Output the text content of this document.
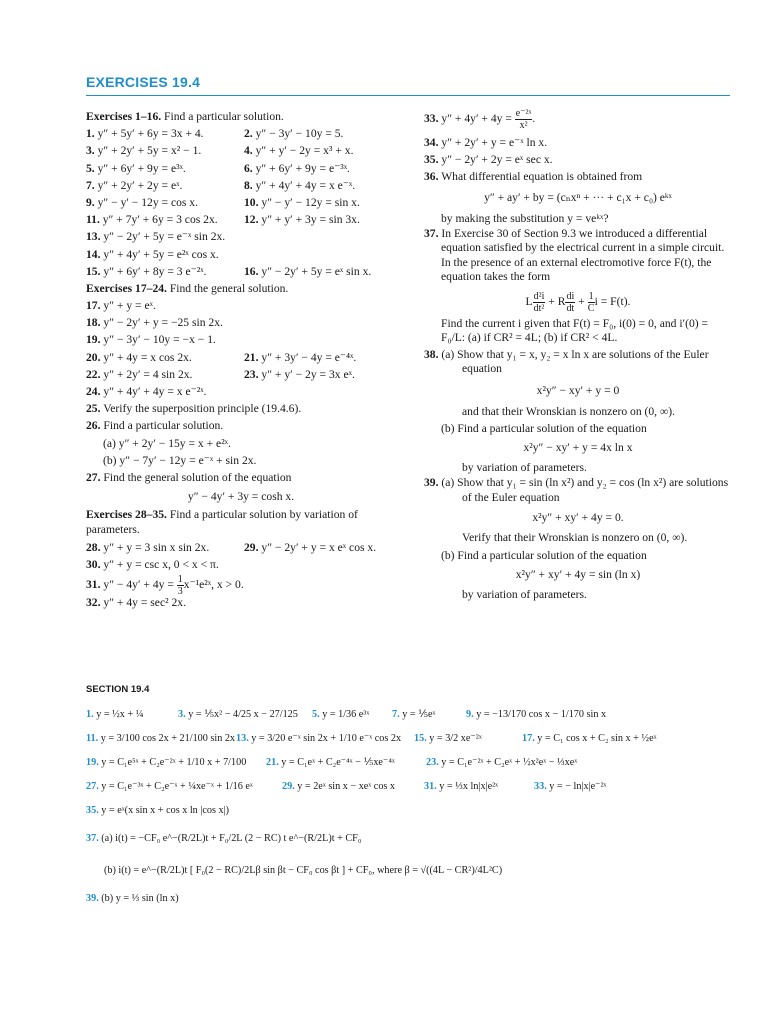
EXERCISES 19.4
Exercises 1–16. Find a particular solution.
1. y″ + 5y′ + 6y = 3x + 4.	2. y″ − 3y′ − 10y = 5.
3. y″ + 2y′ + 5y = x² − 1.	4. y″ + y′ − 2y = x³ + x.
5. y″ + 6y′ + 9y = e³ˣ.	6. y″ + 6y′ + 9y = e⁻³ˣ.
7. y″ + 2y′ + 2y = eˣ.	8. y″ + 4y′ + 4y = x e⁻ˣ.
9. y″ − y′ − 12y = cos x.	10. y″ − y′ − 12y = sin x.
11. y″ + 7y′ + 6y = 3 cos 2x. 12. y″ + y′ + 3y = sin 3x.
13. y″ − 2y′ + 5y = e⁻ˣ sin 2x.
14. y″ + 4y′ + 5y = e²ˣ cos x.
15. y″ + 6y′ + 8y = 3 e⁻²ˣ.	16. y″ − 2y′ + 5y = eˣ sin x.
Exercises 17–24. Find the general solution.
17. y″ + y = eˣ.
18. y″ − 2y′ + y = −25 sin 2x.
19. y″ − 3y′ − 10y = −x − 1.
20. y″ + 4y = x cos 2x.	21. y″ + 3y′ − 4y = e⁻⁴ˣ.
22. y″ + 2y′ = 4 sin 2x.	23. y″ + y′ − 2y = 3x eˣ.
24. y″ + 4y′ + 4y = x e⁻²ˣ.
25. Verify the superposition principle (19.4.6).
26. Find a particular solution.
(a) y″ + 2y′ − 15y = x + e²ˣ.
(b) y″ − 7y′ − 12y = e⁻ˣ + sin 2x.
27. Find the general solution of the equation
y″ − 4y′ + 3y = cosh x.
Exercises 28–35. Find a particular solution by variation of parameters.
28. y″ + y = 3 sin x sin 2x.	29. y″ − 2y′ + y = x eˣ cos x.
30. y″ + y = csc x, 0 < x < π.
31. $y'' - 4y' + 4y = \frac{1}{3}$ x⁻¹e²ˣ, x > 0.
32. y″ + 4y = sec² 2x.
33. $y'' + 4y' + 4y = \frac{\text{e⁻²ˣ}}{\text{x²}}$ .
34. y″ + 2y′ + y = e⁻ˣ ln x.
35. y″ − 2y′ + 2y = eˣ sec x.
36. What differential equation is obtained from
y″ + ay′ + by = (cₙxⁿ + ··· + c₁x + c₀) eᵏˣ
by making the substitution y = veᵏˣ?
37. In Exercise 30 of Section 9.3 we introduced a differential equation satisfied by the electrical current in a simple circuit. In the presence of an external electromotive force F(t), the equation takes the form
L $\frac{\text{d²i}}{\text{dt²}} + R \frac{di}{dt} + \frac{1}{C}$ i = F(t).
Find the current i given that F(t) = F₀, i(0) = 0, and i′(0) = F₀/L: (a) if CR² = 4L; (b) if CR² < 4L.
38. (a) Show that y₁ = x, y₂ = x ln x are solutions of the Euler equation
x²y″ − xy′ + y = 0
and that their Wronskian is nonzero on (0, ∞).
(b) Find a particular solution of the equation
x²y″ − xy′ + y = 4x ln x
by variation of parameters.
39. (a) Show that y₁ = sin (ln x²) and y₂ = cos (ln x²) are solutions of the Euler equation
x²y″ + xy′ + 4y = 0.
Verify that their Wronskian is nonzero on (0, ∞).
(b) Find a particular solution of the equation
x²y″ + xy′ + 4y = sin (ln x)
by variation of parameters.
SECTION 19.4
1. y = ½x + ¼	3. y = ⅕x² − 4/25 x − 27/125 5. y = 1/36 e³ˣ 7. y = ⅕eˣ	9. y = −13/170 cos x − 1/170 sin x
11. y = 3/100 cos 2x + 21/100 sin 2x 13. y = 3/20 e⁻ˣ sin 2x + 1/10 e⁻ˣ cos 2x 15. y = 3/2 xe⁻²ˣ	17. y = C₁ cos x + C₂ sin x + ½eˣ
19. y = C₁e⁵ˣ + C₂e⁻²ˣ + 1/10 x + 7/100 21. y = C₁eˣ + C₂e⁻⁴ˣ − ⅕xe⁻⁴ˣ	23. y = C₁e⁻²ˣ + C₂eˣ + ½x²eˣ − ⅓xeˣ
27. y = C₁e⁻³ˣ + C₂e⁻ˣ + ¼xe⁻ˣ + 1/16 eˣ	29. y = 2eˣ sin x − xeˣ cos x	31. y = ⅓x ln|x|e²ˣ	33. y = − ln|x|e⁻²ˣ
35. y = eˣ(x sin x + cos x ln |cos x|)
37. (a) i(t) = −CF₀ e^−(R/2L)t + F₀/2L (2 − RC) t e^−(R/2L)t + CF₀
(b) i(t) = e^−(R/2L)t [ F₀(2 − RC)/2Lβ sin βt − CF₀ cos βt ] + CF₀, where β = √((4L − CR²)/4L²C)
39. (b) y = ⅓ sin (ln x)
